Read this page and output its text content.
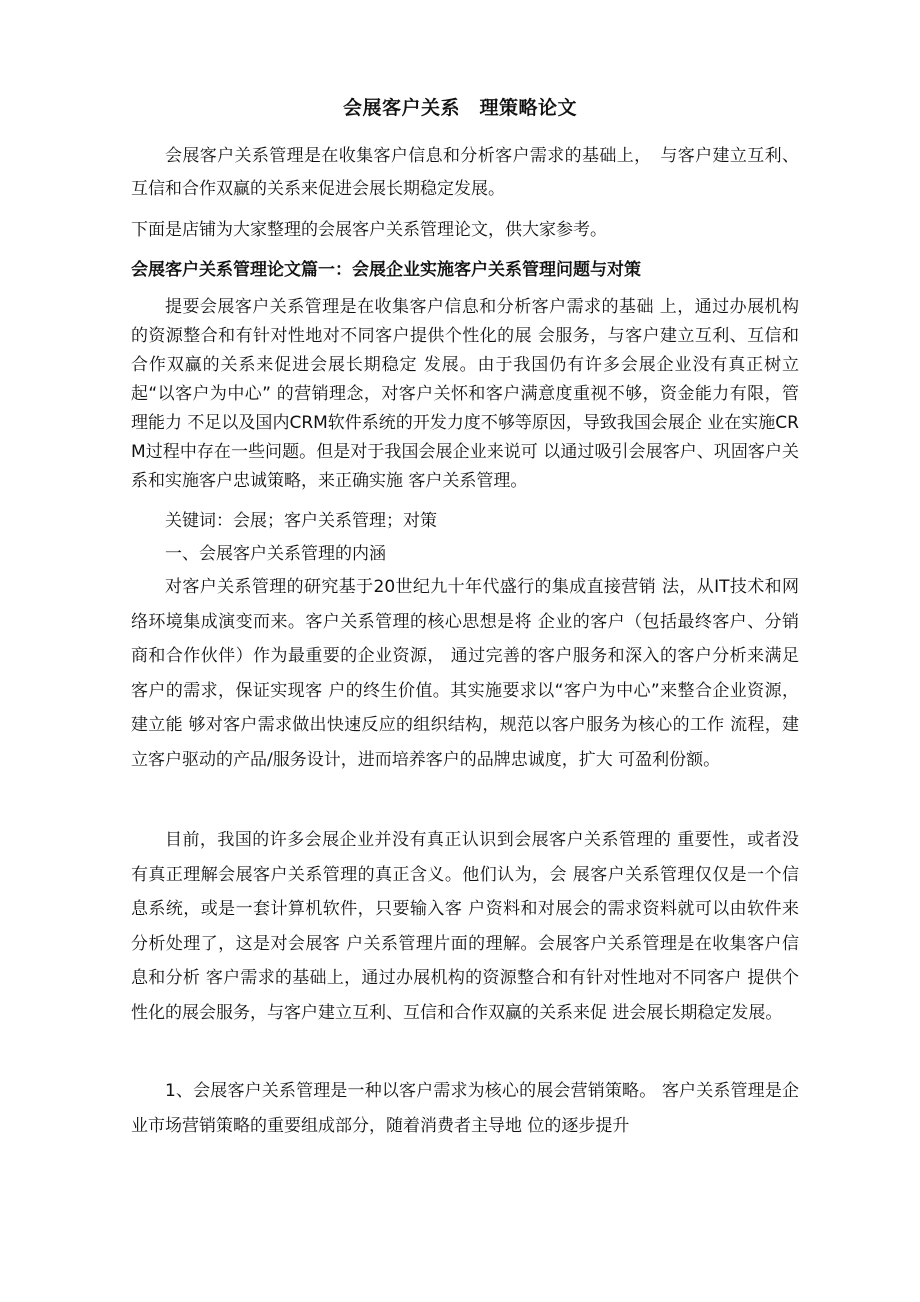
会展客户关系　理策略论文
会展客户关系管理是在收集客户信息和分析客户需求的基础上，　与客户建立互利、互信和合作双赢的关系来促进会展长期稳定发展。
下面是店铺为大家整理的会展客户关系管理论文，供大家参考。
会展客户关系管理论文篇一：会展企业实施客户关系管理问题与对策
提要会展客户关系管理是在收集客户信息和分析客户需求的基础 上，通过办展机构的资源整合和有针对性地对不同客户提供个性化的展 会服务，与客户建立互利、互信和合作双赢的关系来促进会展长期稳定 发展。由于我国仍有许多会展企业没有真正树立起“以客户为中心” 的营销理念，对客户关怀和客户满意度重视不够，资金能力有限，管理能力 不足以及国内CRM软件系统的开发力度不够等原因，导致我国会展企 业在实施CRM过程中存在一些问题。但是对于我国会展企业来说可 以通过吸引会展客户、巩固客户关系和实施客户忠诚策略，来正确实施 客户关系管理。
关键词：会展；客户关系管理；对策
一、会展客户关系管理的内涵
对客户关系管理的研究基于20世纪九十年代盛行的集成直接营销 法，从IT技术和网络环境集成演变而来。客户关系管理的核心思想是将 企业的客户（包括最终客户、分销商和合作伙伴）作为最重要的企业资源， 通过完善的客户服务和深入的客户分析来满足客户的需求，保证实现客 户的终生价值。其实施要求以“客户为中心”来整合企业资源，建立能 够对客户需求做出快速反应的组织结构，规范以客户服务为核心的工作 流程，建立客户驱动的产品/服务设计，进而培养客户的品牌忠诚度，扩大 可盈利份额。
目前，我国的许多会展企业并没有真正认识到会展客户关系管理的 重要性，或者没有真正理解会展客户关系管理的真正含义。他们认为，会 展客户关系管理仅仅是一个信息系统，或是一套计算机软件，只要输入客 户资料和对展会的需求资料就可以由软件来分析处理了，这是对会展客 户关系管理片面的理解。会展客户关系管理是在收集客户信息和分析 客户需求的基础上，通过办展机构的资源整合和有针对性地对不同客户 提供个性化的展会服务，与客户建立互利、互信和合作双赢的关系来促 进会展长期稳定发展。
1、会展客户关系管理是一种以客户需求为核心的展会营销策略。 客户关系管理是企业市场营销策略的重要组成部分，随着消费者主导地 位的逐步提升
